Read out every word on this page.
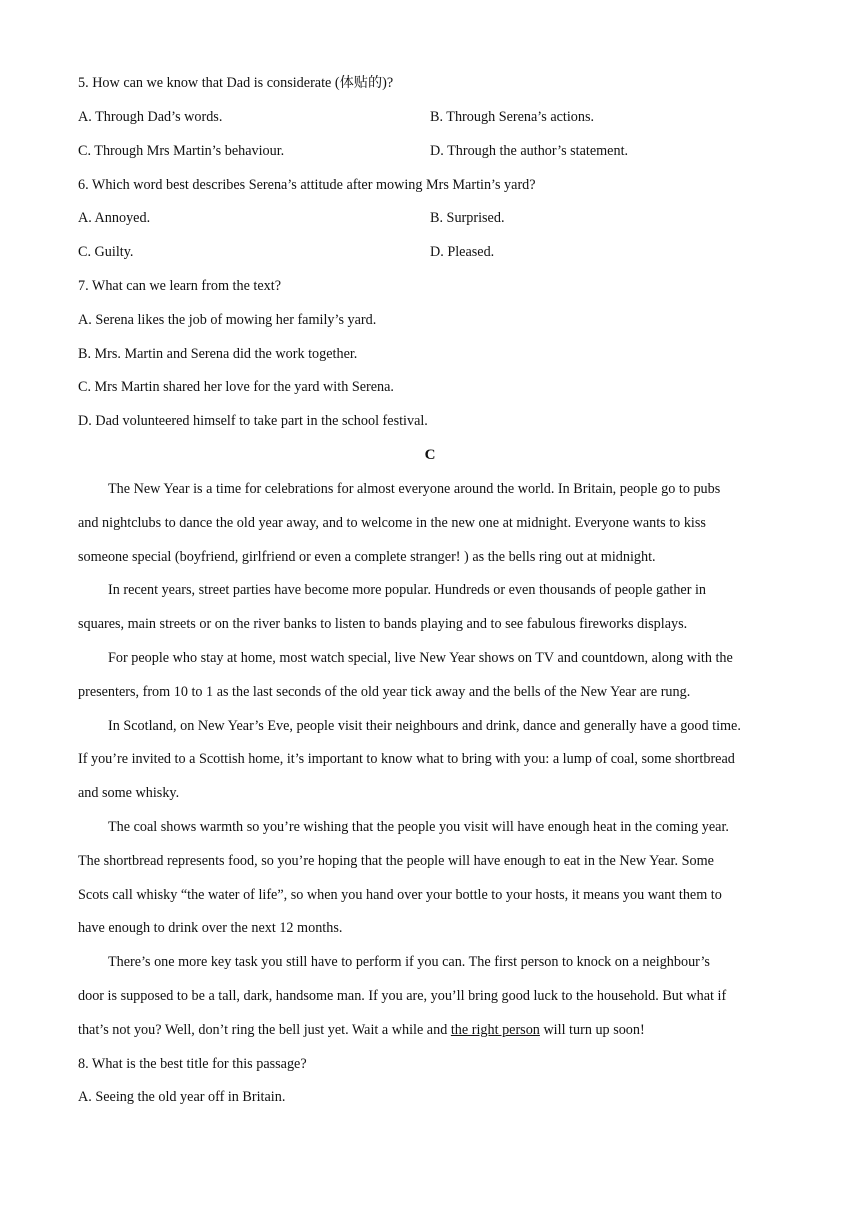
5. How can we know that Dad is considerate (体贴的)?
A. Through Dad’s words.	B. Through Serena’s actions.
C. Through Mrs Martin’s behaviour.	D. Through the author’s statement.
6. Which word best describes Serena’s attitude after mowing Mrs Martin’s yard?
A. Annoyed.	B. Surprised.
C. Guilty.	D. Pleased.
7. What can we learn from the text?
A. Serena likes the job of mowing her family’s yard.
B. Mrs. Martin and Serena did the work together.
C. Mrs Martin shared her love for the yard with Serena.
D. Dad volunteered himself to take part in the school festival.
C
The New Year is a time for celebrations for almost everyone around the world. In Britain, people go to pubs
and nightclubs to dance the old year away, and to welcome in the new one at midnight. Everyone wants to kiss
someone special (boyfriend, girlfriend or even a complete stranger! ) as the bells ring out at midnight.
In recent years, street parties have become more popular. Hundreds or even thousands of people gather in
squares, main streets or on the river banks to listen to bands playing and to see fabulous fireworks displays.
For people who stay at home, most watch special, live New Year shows on TV and countdown, along with the
presenters, from 10 to 1 as the last seconds of the old year tick away and the bells of the New Year are rung.
In Scotland, on New Year’s Eve, people visit their neighbours and drink, dance and generally have a good time.
If you’re invited to a Scottish home, it’s important to know what to bring with you: a lump of coal, some shortbread
and some whisky.
The coal shows warmth so you’re wishing that the people you visit will have enough heat in the coming year.
The shortbread represents food, so you’re hoping that the people will have enough to eat in the New Year. Some
Scots call whisky “the water of life”, so when you hand over your bottle to your hosts, it means you want them to
have enough to drink over the next 12 months.
There’s one more key task you still have to perform if you can. The first person to knock on a neighbour’s
door is supposed to be a tall, dark, handsome man. If you are, you’ll bring good luck to the household. But what if
that’s not you? Well, don’t ring the bell just yet. Wait a while and the right person will turn up soon!
8. What is the best title for this passage?
A. Seeing the old year off in Britain.
